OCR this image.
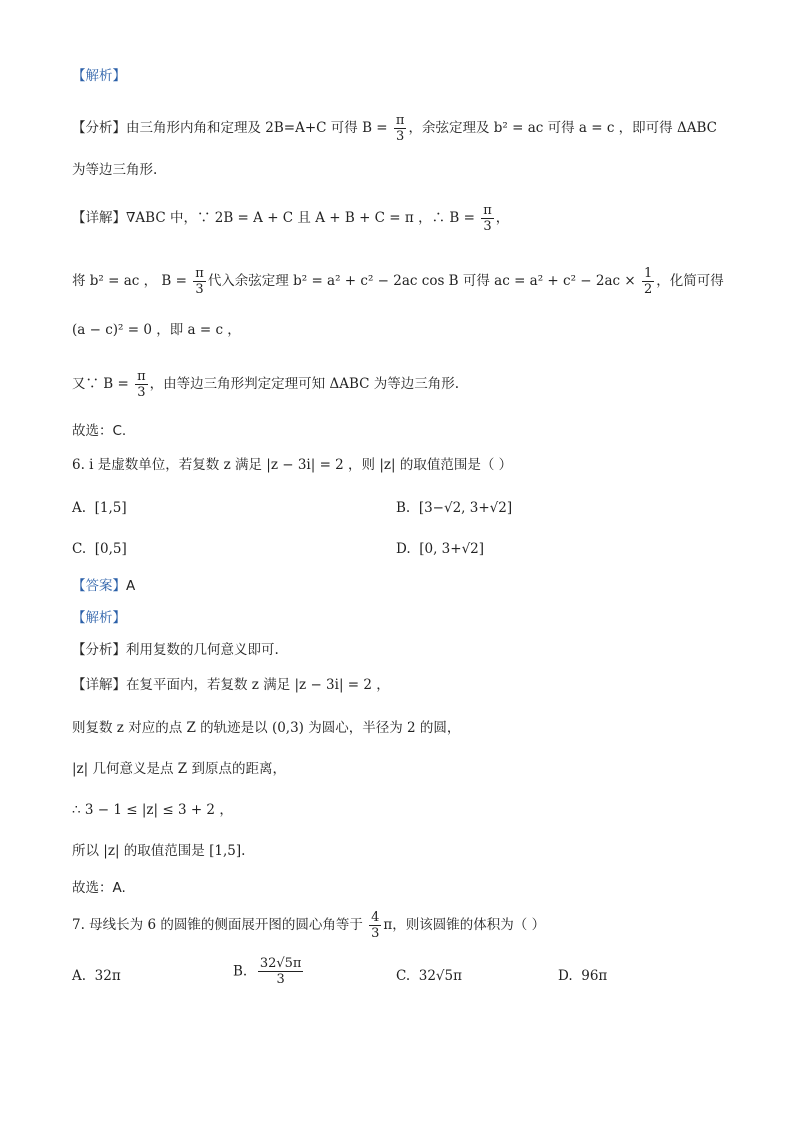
【解析】
【分析】由三角形内角和定理及 2B=A+C 可得 $B = \frac{\pi}{3}$ ，余弦定理及 b² = ac 可得 a = c ，即可得 ΔABC
为等边三角形.
【详解】∇ABC 中，∵ 2B = A + C 且 A + B + C = π ，∴ $B = \frac{\pi}{3}$ ，
将 b² = ac ， $B = \frac{\pi}{3}$ 代入余弦定理 b² = a² + c² − 2ac cos B 可得 ac = $a^2 + c^2 - 2ac \times \frac{1}{2}$ ，化简可得
(a − c)² = 0 ，即 a = c ，
又∵ $B = \frac{\pi}{3}$ ，由等边三角形判定定理可知 ΔABC 为等边三角形.
故选：C.
6. i 是虚数单位，若复数 z 满足 |z − 3i| = 2 ，则 |z| 的取值范围是（ ）
A. [1,5]	B. [3−√2, 3+√2]
C. [0,5]	D. [0, 3+√2]
【答案】A
【解析】
【分析】利用复数的几何意义即可.
【详解】在复平面内，若复数 z 满足 |z − 3i| = 2 ，
则复数 z 对应的点 Z 的轨迹是以 (0,3) 为圆心，半径为 2 的圆，
|z| 几何意义是点 Z 到原点的距离，
∴ 3 − 1 ≤ |z| ≤ 3 + 2 ，
所以 |z| 的取值范围是 [1,5].
故选：A.
7. 母线长为 6 的圆锥的侧面展开图的圆心角等于 $\frac{4}{3}$ π，则该圆锥的体积为（ ）
A. 32π	B. $\frac{32√5\pi}{3}$	C. 32√5π	D. 96π
